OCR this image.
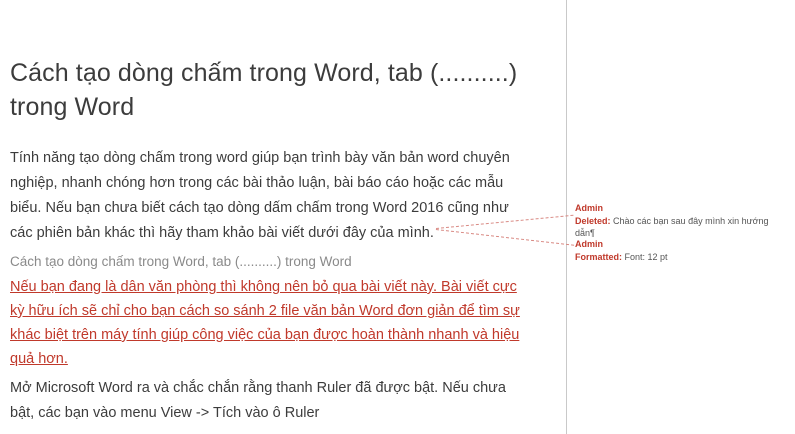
Cách tạo dòng chấm trong Word, tab (..........) trong Word

Tính năng tạo dòng chấm trong word giúp bạn trình bày văn bản word chuyên nghiệp, nhanh chóng hơn trong các bài thảo luận, bài báo cáo hoặc các mẫu biểu. Nếu bạn chưa biết cách tạo dòng dấm chấm trong Word 2016 cũng như các phiên bản khác thì hãy tham khảo bài viết dưới đây của mình.

Cách tạo dòng chấm trong Word, tab (..........) trong Word

Nếu bạn đang là dân văn phòng thì không nên bỏ qua bài viết này. Bài viết cực kỳ hữu ích sẽ chỉ cho bạn cách so sánh 2 file văn bản Word đơn giản để tìm sự khác biệt trên máy tính giúp công việc của bạn được hoàn thành nhanh và hiệu quả hơn.

Mở Microsoft Word ra và chắc chắn rằng thanh Ruler đã được bật. Nếu chưa bật, các bạn vào menu View -> Tích vào ô Ruler

Admin
Deleted: Chào các bạn sau đây mình xin hướng dẫn¶
Admin
Formatted: Font: 12 pt
